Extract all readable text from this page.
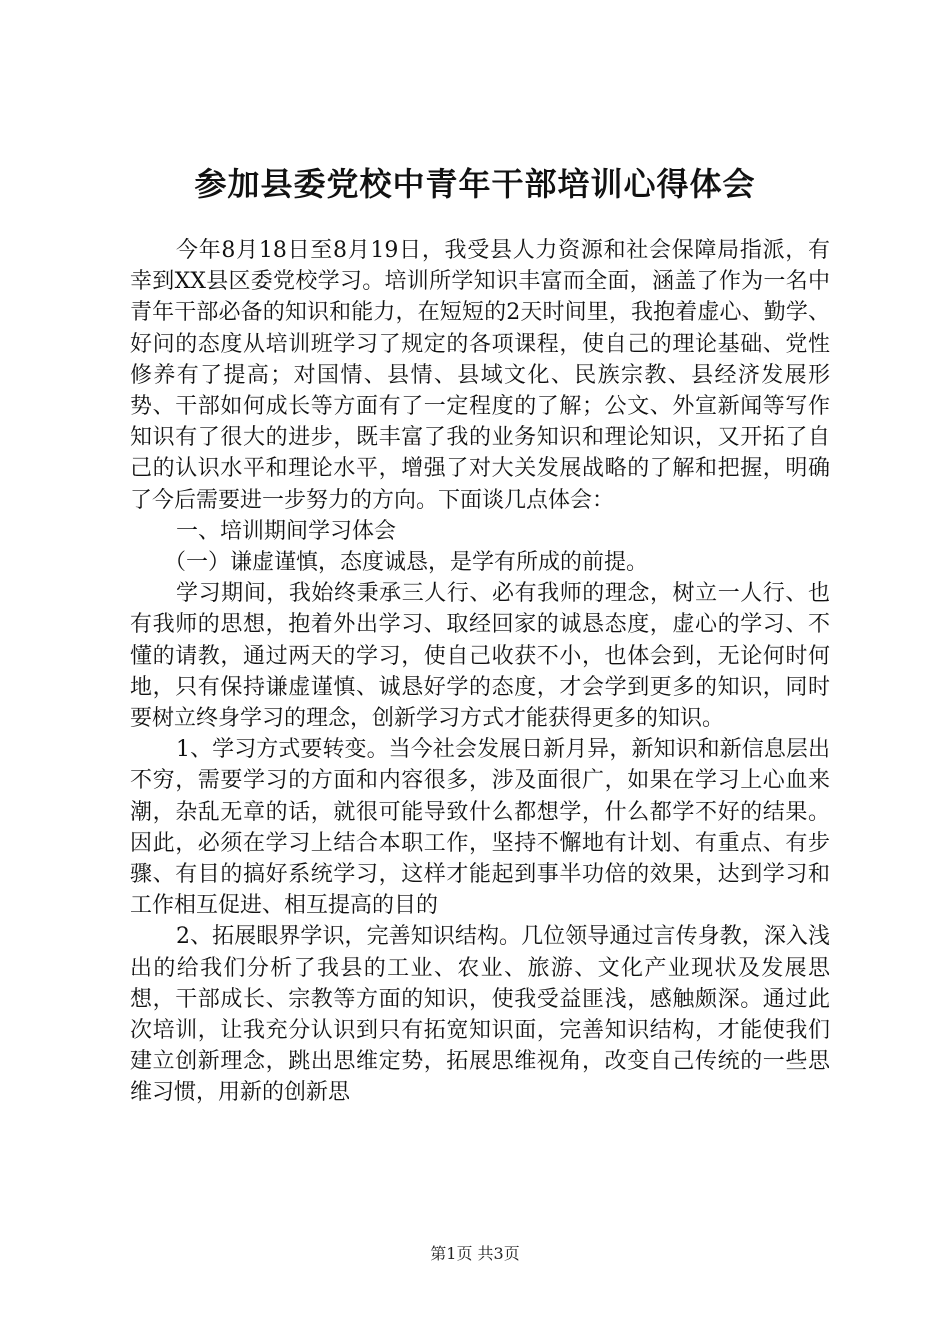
参加县委党校中青年干部培训心得体会

今年8月18日至8月19日，我受县人力资源和社会保障局指派，有幸到XX县区委党校学习。培训所学知识丰富而全面，涵盖了作为一名中青年干部必备的知识和能力，在短短的2天时间里，我抱着虚心、勤学、好问的态度从培训班学习了规定的各项课程，使自己的理论基础、党性修养有了提高；对国情、县情、县域文化、民族宗教、县经济发展形势、干部如何成长等方面有了一定程度的了解；公文、外宣新闻等写作知识有了很大的进步，既丰富了我的业务知识和理论知识，又开拓了自己的认识水平和理论水平，增强了对大关发展战略的了解和把握，明确了今后需要进一步努力的方向。下面谈几点体会：

一、培训期间学习体会

（一）谦虚谨慎，态度诚恳，是学有所成的前提。

学习期间，我始终秉承三人行、必有我师的理念，树立一人行、也有我师的思想，抱着外出学习、取经回家的诚恳态度，虚心的学习、不懂的请教，通过两天的学习，使自己收获不小，也体会到，无论何时何地，只有保持谦虚谨慎、诚恳好学的态度，才会学到更多的知识，同时要树立终身学习的理念，创新学习方式才能获得更多的知识。

1、学习方式要转变。当今社会发展日新月异，新知识和新信息层出不穷，需要学习的方面和内容很多，涉及面很广，如果在学习上心血来潮，杂乱无章的话，就很可能导致什么都想学，什么都学不好的结果。因此，必须在学习上结合本职工作，坚持不懈地有计划、有重点、有步骤、有目的搞好系统学习，这样才能起到事半功倍的效果，达到学习和工作相互促进、相互提高的目的

2、拓展眼界学识，完善知识结构。几位领导通过言传身教，深入浅出的给我们分析了我县的工业、农业、旅游、文化产业现状及发展思想，干部成长、宗教等方面的知识，使我受益匪浅，感触颇深。通过此次培训，让我充分认识到只有拓宽知识面，完善知识结构，才能使我们建立创新理念，跳出思维定势，拓展思维视角，改变自己传统的一些思维习惯，用新的创新思

第1页 共3页
